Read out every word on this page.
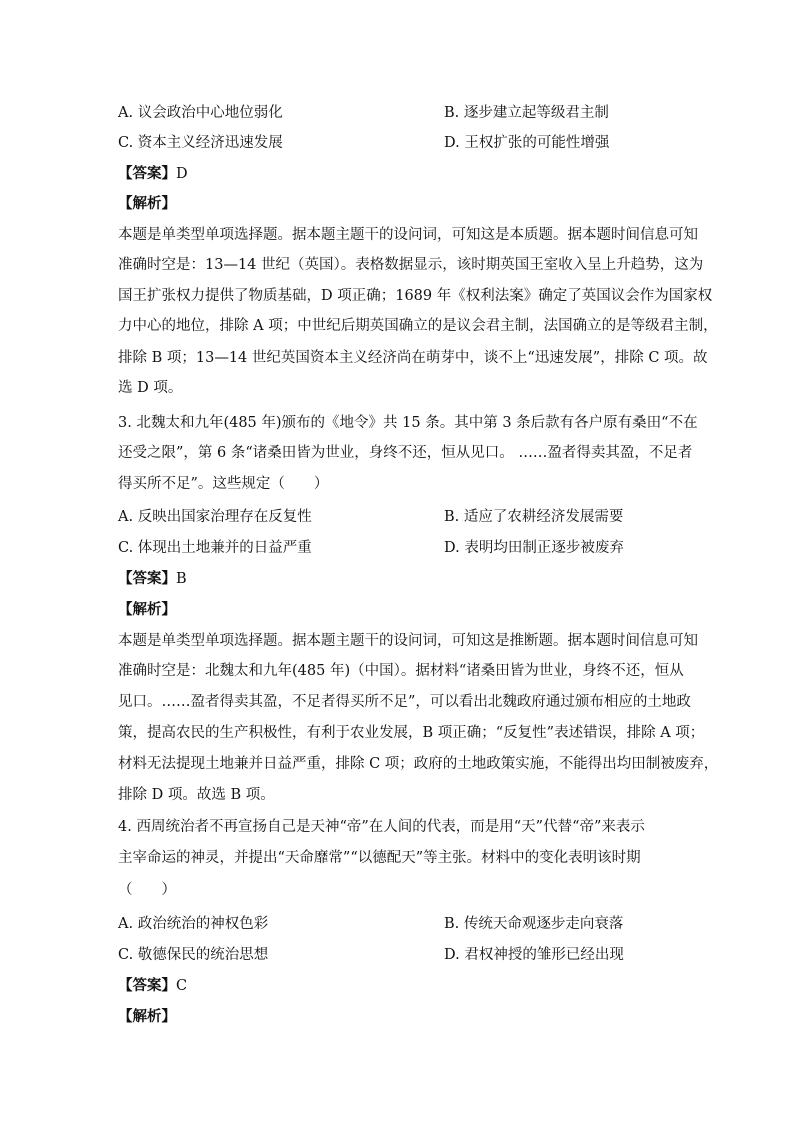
A. 议会政治中心地位弱化	B. 逐步建立起等级君主制
C. 资本主义经济迅速发展	D. 王权扩张的可能性增强
【答案】D
【解析】
本题是单类型单项选择题。据本题主题干的设问词，可知这是本质题。据本题时间信息可知
准确时空是：13—14 世纪（英国）。表格数据显示，该时期英国王室收入呈上升趋势，这为
国王扩张权力提供了物质基础，D 项正确；1689 年《权利法案》确定了英国议会作为国家权
力中心的地位，排除 A 项；中世纪后期英国确立的是议会君主制，法国确立的是等级君主制，
排除 B 项；13—14 世纪英国资本主义经济尚在萌芽中，谈不上“迅速发展”，排除 C 项。故
选 D 项。
3. 北魏太和九年(485 年)颁布的《地令》共 15 条。其中第 3 条后款有各户原有桑田“不在
还受之限”，第 6 条“诸桑田皆为世业，身终不还，恒从见口。 ……盈者得卖其盈，不足者
得买所不足”。这些规定（　　）
A. 反映出国家治理存在反复性	B. 适应了农耕经济发展需要
C. 体现出土地兼并的日益严重	D. 表明均田制正逐步被废弃
【答案】B
【解析】
本题是单类型单项选择题。据本题主题干的设问词，可知这是推断题。据本题时间信息可知
准确时空是：北魏太和九年(485 年)（中国）。据材料“诸桑田皆为世业，身终不还，恒从
见口。……盈者得卖其盈，不足者得买所不足”，可以看出北魏政府通过颁布相应的土地政
策，提高农民的生产积极性，有利于农业发展，B 项正确；“反复性”表述错误，排除 A 项；
材料无法提现土地兼并日益严重，排除 C 项；政府的土地政策实施，不能得出均田制被废弃，
排除 D 项。故选 B 项。
4. 西周统治者不再宣扬自己是天神“帝”在人间的代表，而是用“天”代替“帝”来表示
主宰命运的神灵，并提出“天命靡常”“以德配天”等主张。材料中的变化表明该时期
（　　）
A. 政治统治的神权色彩	B. 传统天命观逐步走向衰落
C. 敬德保民的统治思想	D. 君权神授的雏形已经出现
【答案】C
【解析】
